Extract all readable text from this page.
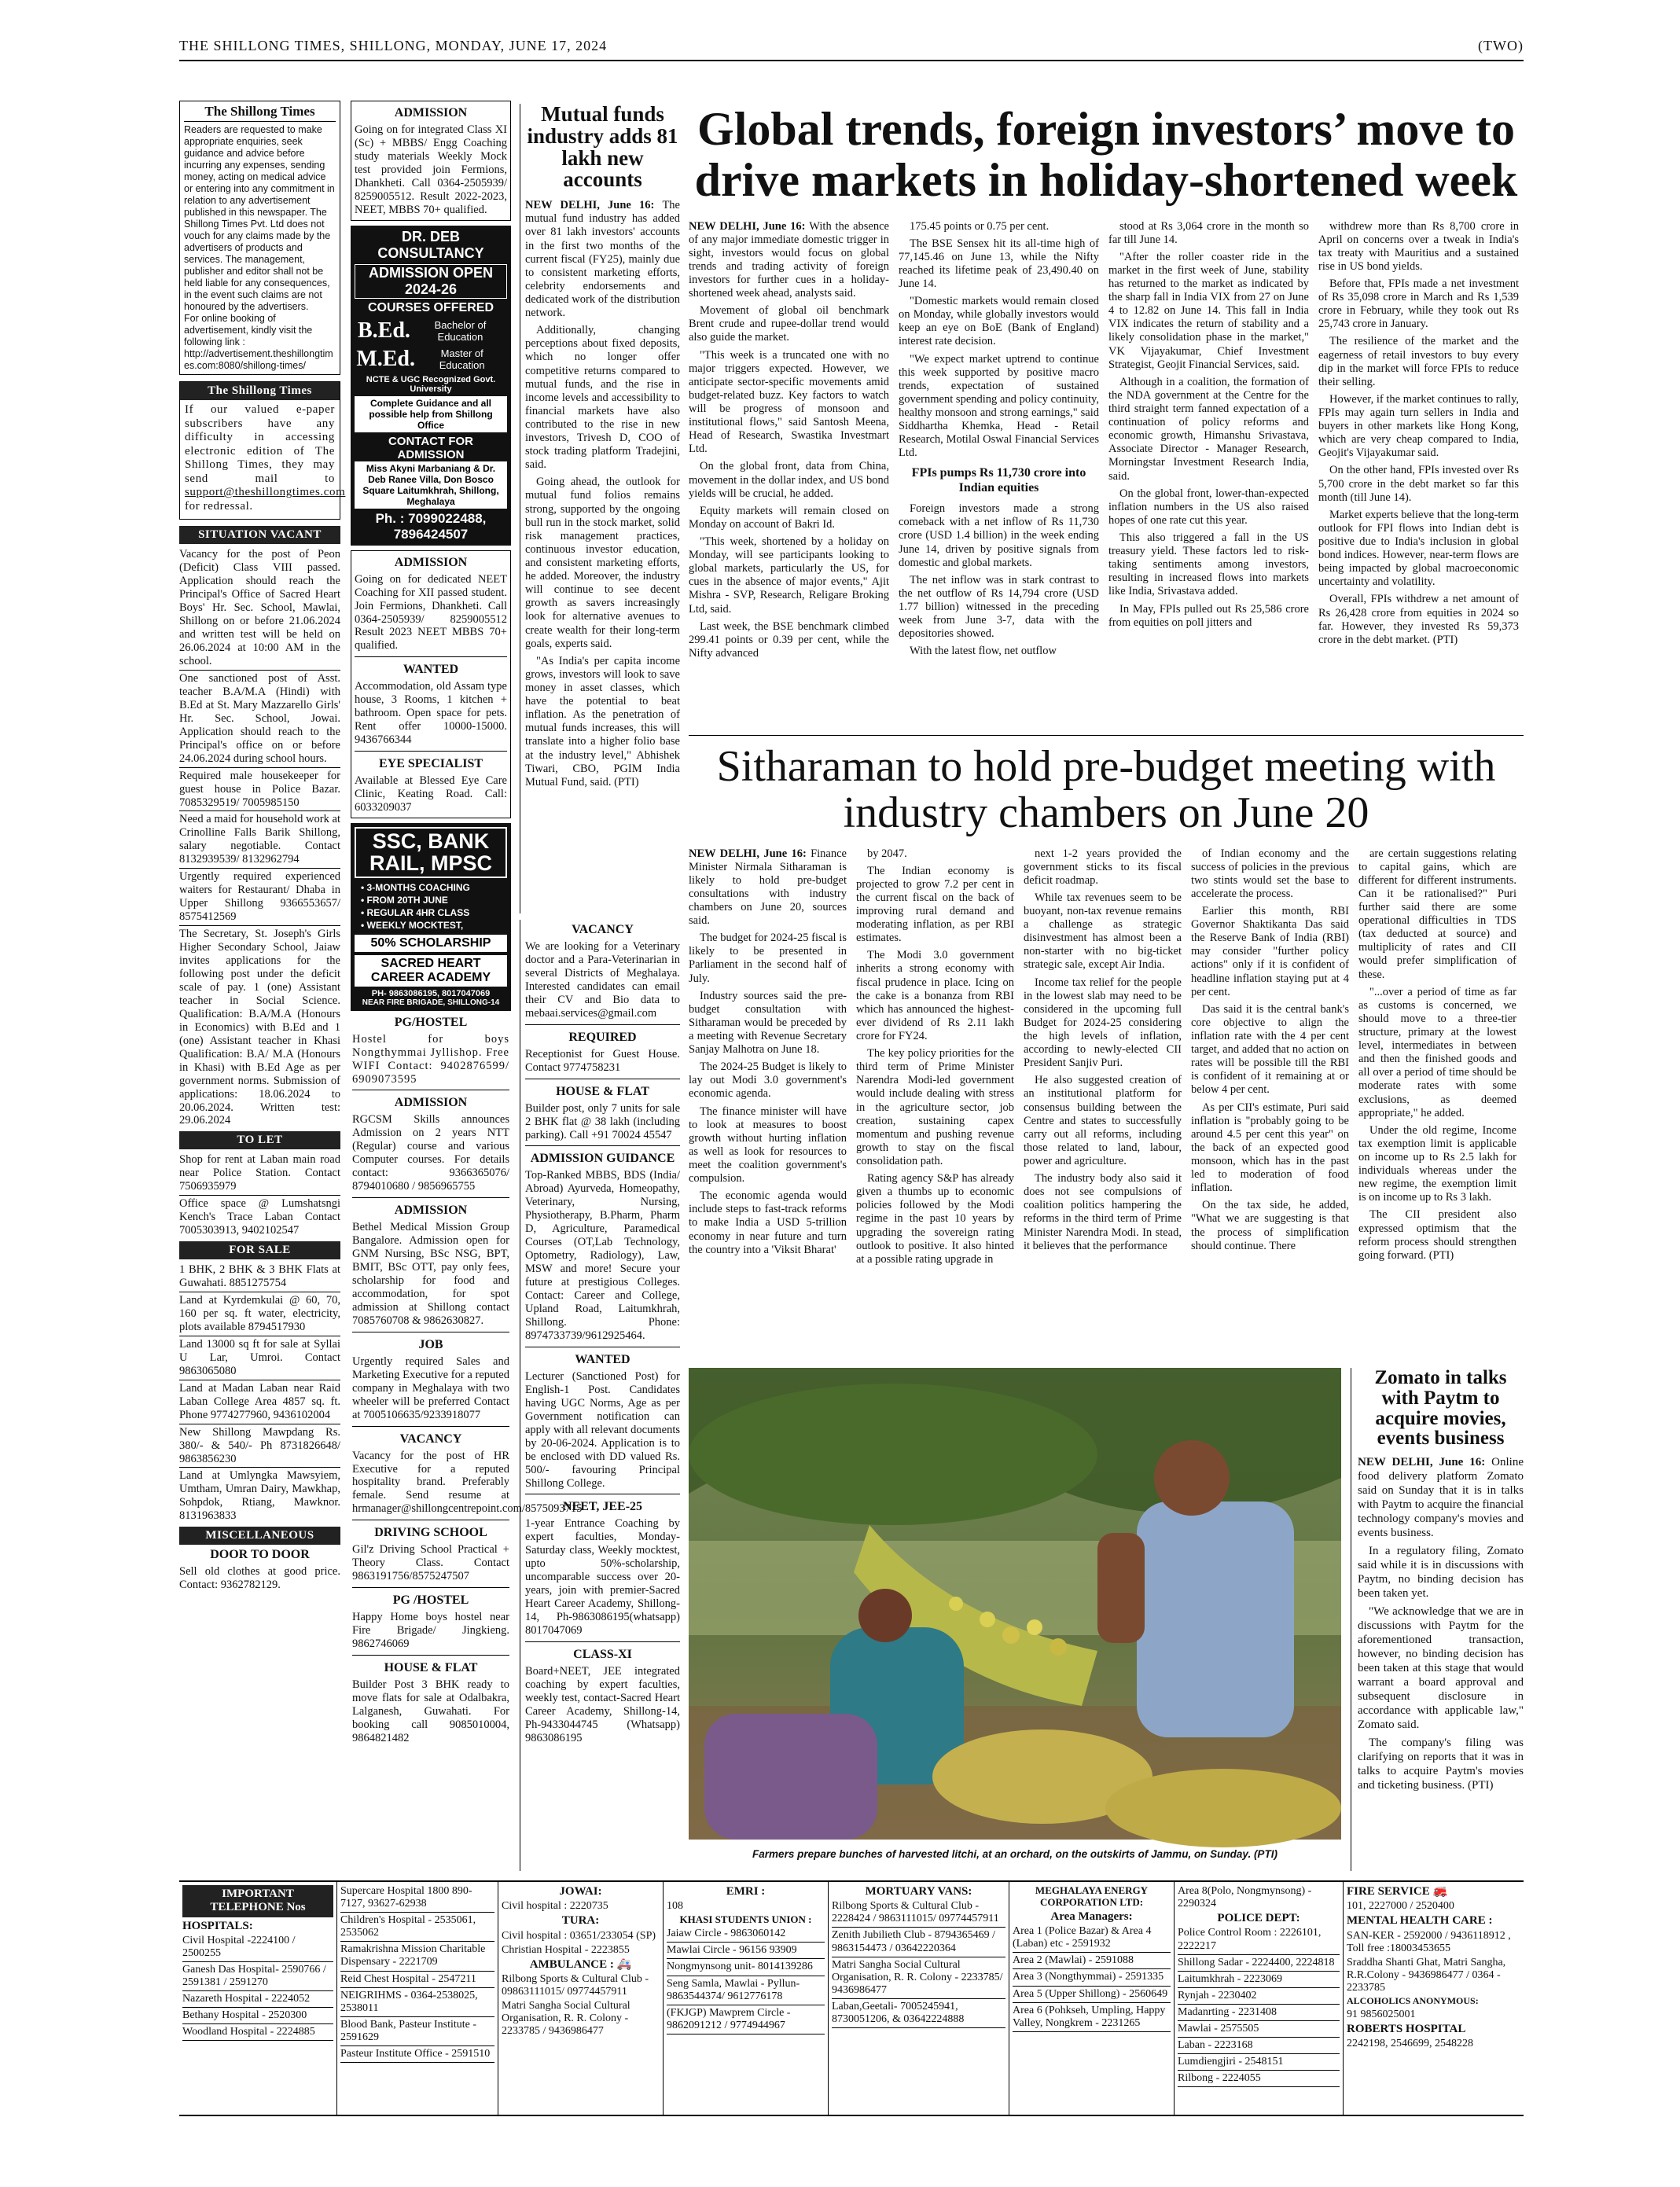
THE SHILLONG TIMES, SHILLONG, MONDAY, JUNE 17, 2024	(TWO)
The Shillong Times
Readers are requested to make appropriate enquiries, seek guidance and advice before incurring any expenses, sending money, acting on medical advice or entering into any commitment in relation to any advertisement published in this newspaper. The Shillong Times Pvt. Ltd does not vouch for any claims made by the advertisers of products and services. The management, publisher and editor shall not be held liable for any consequences, in the event such claims are not honoured by the advertisers.
For online booking of advertisement, kindly visit the following link :
http://advertisement.theshillongtimes.com:8080/shillong-times/
The Shillong Times
If our valued e-paper subscribers have any difficulty in accessing electronic edition of The Shillong Times, they may send mail to support@theshillongtimes.com for redressal.
SITUATION VACANT
Vacancy for the post of Peon (Deficit) Class VIII passed. Application should reach the Principal's Office of Sacred Heart Boys' Hr. Sec. School, Mawlai, Shillong on or before 21.06.2024 and written test will be held on 26.06.2024 at 10:00 AM in the school.
One sanctioned post of Asst. teacher B.A/M.A (Hindi) with B.Ed at St. Mary Mazzarello Girls' Hr. Sec. School, Jowai. Application should reach to the Principal's office on or before 24.06.2024 during school hours.
Required male housekeeper for guest house in Police Bazar. 7085329519/ 7005985150
Need a maid for household work at Crinolline Falls Barik Shillong, salary negotiable. Contact 8132939539/ 8132962794
Urgently required experienced waiters for Restaurant/ Dhaba in Upper Shillong 9366553657/ 8575412569
The Secretary, St. Joseph's Girls Higher Secondary School, Jaiaw invites applications for the following post under the deficit scale of pay. 1 (one) Assistant teacher in Social Science. Qualification: B.A/M.A (Honours in Economics) with B.Ed and 1 (one) Assistant teacher in Khasi Qualification: B.A/ M.A (Honours in Khasi) with B.Ed Age as per government norms. Submission of applications: 18.06.2024 to 20.06.2024. Written test: 29.06.2024
TO LET
Shop for rent at Laban main road near Police Station. Contact 7506935979
Office space @ Lumshatsngi Kench's Trace Laban Contact 7005303913, 9402102547
FOR SALE
1 BHK, 2 BHK & 3 BHK Flats at Guwahati. 8851275754
Land at Kyrdemkulai @ 60, 70, 160 per sq. ft water, electricity, plots available 8794517930
Land 13000 sq ft for sale at Syllai U Lar, Umroi. Contact 9863065080
Land at Madan Laban near Raid Laban College Area 4857 sq. ft. Phone 9774277960, 9436102004
New Shillong Mawpdang Rs. 380/- & 540/- Ph 8731826648/ 9863856230
Land at Umlyngka Mawsyiem, Umtham, Umran Dairy, Mawkhap, Sohpdok, Rtiang, Mawknor. 8131963833
MISCELLANEOUS
DOOR TO DOOR
Sell old clothes at good price. Contact: 9362782129.
ADMISSION
Going on for integrated Class XI (Sc) + MBBS/ Engg Coaching study materials Weekly Mock test provided join Fermions, Dhankheti. Call 0364-2505939/ 8259005512. Result 2022-2023, NEET, MBBS 70+ qualified.
DR. DEB CONSULTANCY
ADMISSION OPEN 2024-26
COURSES OFFERED
B.Ed.	Bachelor of Education
M.Ed.	Master of Education
NCTE & UGC Recognized Govt. University
Complete Guidance and all possible help from Shillong Office
CONTACT FOR ADMISSION
Miss Akyni Marbaniang & Dr. Deb Ranee Villa, Don Bosco Square Laitumkhrah, Shillong, Meghalaya
Ph. : 7099022488, 7896424507
ADMISSION
Going on for dedicated NEET Coaching for XII passed student. Join Fermions, Dhankheti. Call 0364-2505939/ 8259005512 Result 2023 NEET MBBS 70+ qualified.
WANTED
Accommodation, old Assam type house, 3 Rooms, 1 kitchen + bathroom. Open space for pets. Rent offer 10000-15000. 9436766344
EYE SPECIALIST
Available at Blessed Eye Care Clinic, Keating Road. Call: 6033209037
SSC, BANK RAIL, MPSC
• 3-MONTHS COACHING
• FROM 20TH JUNE
• REGULAR 4HR CLASS
• WEEKLY MOCKTEST,
50% SCHOLARSHIP
SACRED HEART CAREER ACADEMY
PH- 9863086195, 8017047069
NEAR FIRE BRIGADE, SHILLONG-14
PG/HOSTEL
Hostel for boys Nongthymmai Jyllishop. Free WIFI Contact: 9402876599/ 6909073595
ADMISSION
RGCSM Skills announces Admission on 2 years NTT (Regular) course and various Computer courses. For details contact: 9366365076/ 8794010680 / 9856965755
ADMISSION
Bethel Medical Mission Group Bangalore. Admission open for GNM Nursing, BSc NSG, BPT, BMIT, BSc OTT, pay only fees, scholarship for food and accommodation, for spot admission at Shillong contact 7085760708 & 9862630827.
JOB
Urgently required Sales and Marketing Executive for a reputed company in Meghalaya with two wheeler will be preferred Contact at 7005106635/9233918077
VACANCY
Vacancy for the post of HR Executive for a reputed hospitality brand. Preferably female. Send resume at hrmanager@shillongcentrepoint.com/8575093715
DRIVING SCHOOL
Gil'z Driving School Practical + Theory Class. Contact 9863191756/8575247507
PG /HOSTEL
Happy Home boys hostel near Fire Brigade/ Jingkieng. 9862746069
HOUSE & FLAT
Builder Post 3 BHK ready to move flats for sale at Odalbakra, Lalganesh, Guwahati. For booking call 9085010004, 9864821482
Mutual funds industry adds 81 lakh new accounts

NEW DELHI, June 16: The mutual fund industry has added over 81 lakh investors' accounts in the first two months of the current fiscal (FY25), mainly due to consistent marketing efforts, celebrity endorsements and dedicated work of the distribution network.

Additionally, changing perceptions about fixed deposits, which no longer offer competitive returns compared to mutual funds, and the rise in income levels and accessibility to financial markets have also contributed to the rise in new investors, Trivesh D, COO of stock trading platform Tradejini, said.

Going ahead, the outlook for mutual fund folios remains strong, supported by the ongoing bull run in the stock market, solid risk management practices, continuous investor education, and consistent marketing efforts, he added. Moreover, the industry will continue to see decent growth as savers increasingly look for alternative avenues to create wealth for their long-term goals, experts said.

"As India's per capita income grows, investors will look to save money in asset classes, which have the potential to beat inflation. As the penetration of mutual funds increases, this will translate into a higher folio base at the industry level," Abhishek Tiwari, CBO, PGIM India Mutual Fund, said. (PTI)

VACANCY
We are looking for a Veterinary doctor and a Para-Veterinarian in several Districts of Meghalaya. Interested candidates can email their CV and Bio data to mebaai.services@gmail.com
REQUIRED
Receptionist for Guest House. Contact 9774758231
HOUSE & FLAT
Builder post, only 7 units for sale 2 BHK flat @ 38 lakh (including parking). Call +91 70024 45547
ADMISSION GUIDANCE
Top-Ranked MBBS, BDS (India/ Abroad) Ayurveda, Homeopathy, Veterinary, Nursing, Physiotherapy, B.Pharm, Pharm D, Agriculture, Paramedical Courses (OT,Lab Technology, Optometry, Radiology), Law, MSW and more! Secure your future at prestigious Colleges. Contact: Career and College, Upland Road, Laitumkhrah, Shillong. Phone: 8974733739/9612925464.
WANTED
Lecturer (Sanctioned Post) for English-1 Post. Candidates having UGC Norms, Age as per Government notification can apply with all relevant documents by 20-06-2024. Application is to be enclosed with DD valued Rs. 500/- favouring Principal Shillong College.
NEET, JEE-25
1-year Entrance Coaching by expert faculties, Monday-Saturday class, Weekly mocktest, upto 50%-scholarship, uncomparable success over 20-years, join with premier-Sacred Heart Career Academy, Shillong-14, Ph-9863086195(whatsapp) 8017047069
CLASS-XI
Board+NEET, JEE integrated coaching by expert faculties, weekly test, contact-Sacred Heart Career Academy, Shillong-14, Ph-9433044745 (Whatsapp) 9863086195
Global trends, foreign investors’ move to drive markets in holiday-shortened week

NEW DELHI, June 16: With the absence of any major immediate domestic trigger in sight, investors would focus on global trends and trading activity of foreign investors for further cues in a holiday-shortened week ahead, analysts said.

Movement of global oil benchmark Brent crude and rupee-dollar trend would also guide the market.

"This week is a truncated one with no major triggers expected. However, we anticipate sector-specific movements amid budget-related buzz. Key factors to watch will be progress of monsoon and institutional flows," said Santosh Meena, Head of Research, Swastika Investmart Ltd.

On the global front, data from China, movement in the dollar index, and US bond yields will be crucial, he added.

Equity markets will remain closed on Monday on account of Bakri Id.

"This week, shortened by a holiday on Monday, will see participants looking to global markets, particularly the US, for cues in the absence of major events," Ajit Mishra - SVP, Research, Religare Broking Ltd, said.

Last week, the BSE benchmark climbed 299.41 points or 0.39 per cent, while the Nifty advanced

175.45 points or 0.75 per cent.

The BSE Sensex hit its all-time high of 77,145.46 on June 13, while the Nifty reached its lifetime peak of 23,490.40 on June 14.

"Domestic markets would remain closed on Monday, while globally investors would keep an eye on BoE (Bank of England) interest rate decision.

"We expect market uptrend to continue this week supported by positive macro trends, expectation of sustained government spending and policy continuity, healthy monsoon and strong earnings," said Siddhartha Khemka, Head - Retail Research, Motilal Oswal Financial Services Ltd.

FPIs pumps Rs 11,730 crore into Indian equities

Foreign investors made a strong comeback with a net inflow of Rs 11,730 crore (USD 1.4 billion) in the week ending June 14, driven by positive signals from domestic and global markets.

The net inflow was in stark contrast to the net outflow of Rs 14,794 crore (USD 1.77 billion) witnessed in the preceding week from June 3-7, data with the depositories showed.

With the latest flow, net outflow

stood at Rs 3,064 crore in the month so far till June 14.

"After the roller coaster ride in the market in the first week of June, stability has returned to the market as indicated by the sharp fall in India VIX from 27 on June 4 to 12.82 on June 14. This fall in India VIX indicates the return of stability and a likely consolidation phase in the market," VK Vijayakumar, Chief Investment Strategist, Geojit Financial Services, said.

Although in a coalition, the formation of the NDA government at the Centre for the third straight term fanned expectation of a continuation of policy reforms and economic growth, Himanshu Srivastava, Associate Director - Manager Research, Morningstar Investment Research India, said.

On the global front, lower-than-expected inflation numbers in the US also raised hopes of one rate cut this year.

This also triggered a fall in the US treasury yield. These factors led to risk-taking sentiments among investors, resulting in increased flows into markets like India, Srivastava added.

In May, FPIs pulled out Rs 25,586 crore from equities on poll jitters and

withdrew more than Rs 8,700 crore in April on concerns over a tweak in India's tax treaty with Mauritius and a sustained rise in US bond yields.

Before that, FPIs made a net investment of Rs 35,098 crore in March and Rs 1,539 crore in February, while they took out Rs 25,743 crore in January.

The resilience of the market and the eagerness of retail investors to buy every dip in the market will force FPIs to reduce their selling.

However, if the market continues to rally, FPIs may again turn sellers in India and buyers in other markets like Hong Kong, which are very cheap compared to India, Geojit's Vijayakumar said.

On the other hand, FPIs invested over Rs 5,700 crore in the debt market so far this month (till June 14).

Market experts believe that the long-term outlook for FPI flows into Indian debt is positive due to India's inclusion in global bond indices. However, near-term flows are being impacted by global macroeconomic uncertainty and volatility.

Overall, FPIs withdrew a net amount of Rs 26,428 crore from equities in 2024 so far. However, they invested Rs 59,373 crore in the debt market. (PTI)

Sitharaman to hold pre-budget meeting with industry chambers on June 20

NEW DELHI, June 16: Finance Minister Nirmala Sitharaman is likely to hold pre-budget consultations with industry chambers on June 20, sources said.

The budget for 2024-25 fiscal is likely to be presented in Parliament in the second half of July.

Industry sources said the pre-budget consultation with Sitharaman would be preceded by a meeting with Revenue Secretary Sanjay Malhotra on June 18.

The 2024-25 Budget is likely to lay out Modi 3.0 government's economic agenda.

The finance minister will have to look at measures to boost growth without hurting inflation as well as look for resources to meet the coalition government's compulsion.

The economic agenda would include steps to fast-track reforms to make India a USD 5-trillion economy in near future and turn the country into a 'Viksit Bharat'

by 2047.

The Indian economy is projected to grow 7.2 per cent in the current fiscal on the back of improving rural demand and moderating inflation, as per RBI estimates.

The Modi 3.0 government inherits a strong economy with fiscal prudence in place. Icing on the cake is a bonanza from RBI which has announced the highest-ever dividend of Rs 2.11 lakh crore for FY24.

The key policy priorities for the third term of Prime Minister Narendra Modi-led government would include dealing with stress in the agriculture sector, job creation, sustaining capex momentum and pushing revenue growth to stay on the fiscal consolidation path.

Rating agency S&P has already given a thumbs up to economic policies followed by the Modi regime in the past 10 years by upgrading the sovereign rating outlook to positive. It also hinted at a possible rating upgrade in

next 1-2 years provided the government sticks to its fiscal deficit roadmap.

While tax revenues seem to be buoyant, non-tax revenue remains a challenge as strategic disinvestment has almost been a non-starter with no big-ticket strategic sale, except Air India.

Income tax relief for the people in the lowest slab may need to be considered in the upcoming full Budget for 2024-25 considering the high levels of inflation, according to newly-elected CII President Sanjiv Puri.

He also suggested creation of an institutional platform for consensus building between the Centre and states to successfully carry out all reforms, including those related to land, labour, power and agriculture.

The industry body also said it does not see compulsions of coalition politics hampering the reforms in the third term of Prime Minister Narendra Modi. In stead, it believes that the performance

of Indian economy and the success of policies in the previous two stints would set the base to accelerate the process.

Earlier this month, RBI Governor Shaktikanta Das said the Reserve Bank of India (RBI) may consider "further policy actions" only if it is confident of headline inflation staying put at 4 per cent.

Das said it is the central bank's core objective to align the inflation rate with the 4 per cent target, and added that no action on rates will be possible till the RBI is confident of it remaining at or below 4 per cent.

As per CII's estimate, Puri said inflation is "probably going to be around 4.5 per cent this year" on the back of an expected good monsoon, which has in the past led to moderation of food inflation.

On the tax side, he added, "What we are suggesting is that the process of simplification should continue. There

are certain suggestions relating to capital gains, which are different for different instruments. Can it be rationalised?" Puri further said there are some operational difficulties in TDS (tax deducted at source) and multiplicity of rates and CII would prefer simplification of these.

"...over a period of time as far as customs is concerned, we should move to a three-tier structure, primary at the lowest level, intermediates in between and then the finished goods and all over a period of time should be moderate rates with some exclusions, as deemed appropriate," he added.

Under the old regime, Income tax exemption limit is applicable on income up to Rs 2.5 lakh for individuals whereas under the new regime, the exemption limit is on income up to Rs 3 lakh.

The CII president also expressed optimism that the reform process should strengthen going forward. (PTI)

Farmers prepare bunches of harvested litchi, at an orchard, on the outskirts of Jammu, on Sunday. (PTI)
Zomato in talks with Paytm to acquire movies, events business

NEW DELHI, June 16: Online food delivery platform Zomato said on Sunday that it is in talks with Paytm to acquire the financial technology company's movies and events business.

In a regulatory filing, Zomato said while it is in discussions with Paytm, no binding decision has been taken yet.

"We acknowledge that we are in discussions with Paytm for the aforementioned transaction, however, no binding decision has been taken at this stage that would warrant a board approval and subsequent disclosure in accordance with applicable law," Zomato said.

The company's filing was clarifying on reports that it was in talks to acquire Paytm's movies and ticketing business. (PTI)

IMPORTANT TELEPHONE Nos
HOSPITALS:
Civil Hospital -2224100 / 2500255
Ganesh Das Hospital- 2590766 / 2591381 / 2591270
Nazareth Hospital - 2224052
Bethany Hospital - 2520300
Woodland Hospital - 2224885
Supercare Hospital 1800 890-7127, 93627-62938
Children's Hospital - 2535061, 2535062
Ramakrishna Mission Charitable Dispensary - 2221709
Reid Chest Hospital - 2547211
NEIGRIHMS - 0364-2538025, 2538011
Blood Bank, Pasteur Institute - 2591629
Pasteur Institute Office - 2591510
JOWAI:
Civil hospital : 2220735
TURA:
Civil hospital : 03651/233054 (SP)
Christian Hospital - 2223855
AMBULANCE : 🚑
Rilbong Sports & Cultural Club - 09863111015/ 09774457911
Matri Sangha Social Cultural Organisation, R. R. Colony - 2233785 / 9436986477
EMRI :
108
KHASI STUDENTS UNION :
Jaiaw Circle - 9863060142
Mawlai Circle - 96156 93909
Nongmynsong unit- 8014139286
Seng Samla, Mawlai - Pyllun-9863544374/ 9612776178
(FKJGP) Mawprem Circle - 9862091212 / 9774944967
MORTUARY VANS:
Rilbong Sports & Cultural Club - 2228424 / 9863111015/ 09774457911
Zenith Jubilieth Club - 8794365469 / 9863154473 / 03642220364
Matri Sangha Social Cultural Organisation, R. R. Colony - 2233785/ 9436986477
Laban,Geetali- 7005245941, 8730051206, & 03642224888
MEGHALAYA ENERGY CORPORATION LTD:
Area Managers:
Area 1 (Police Bazar) & Area 4 (Laban) etc - 2591932
Area 2 (Mawlai) - 2591088
Area 3 (Nongthymmai) - 2591335
Area 5 (Upper Shillong) - 2560649
Area 6 (Pohkseh, Umpling, Happy Valley, Nongkrem - 2231265
Area 8(Polo, Nongmynsong) - 2290324
POLICE DEPT:
Police Control Room : 2226101, 2222217
Shillong Sadar - 2224400, 2224818
Laitumkhrah - 2223069
Rynjah - 2230402
Madanrting - 2231408
Mawlai - 2575505
Laban - 2223168
Lumdiengjiri - 2548151
Rilbong - 2224055
FIRE SERVICE 🚒
101, 2227000 / 2520400
MENTAL HEALTH CARE :
SAN-KER - 2592000 / 9436118912 , Toll free :18003453655
Sraddha Shanti Ghat, Matri Sangha, R.R.Colony - 9436986477 / 0364 - 2233785
ALCOHOLICS ANONYMOUS:
91 9856025001
ROBERTS HOSPITAL
2242198, 2546699, 2548228
